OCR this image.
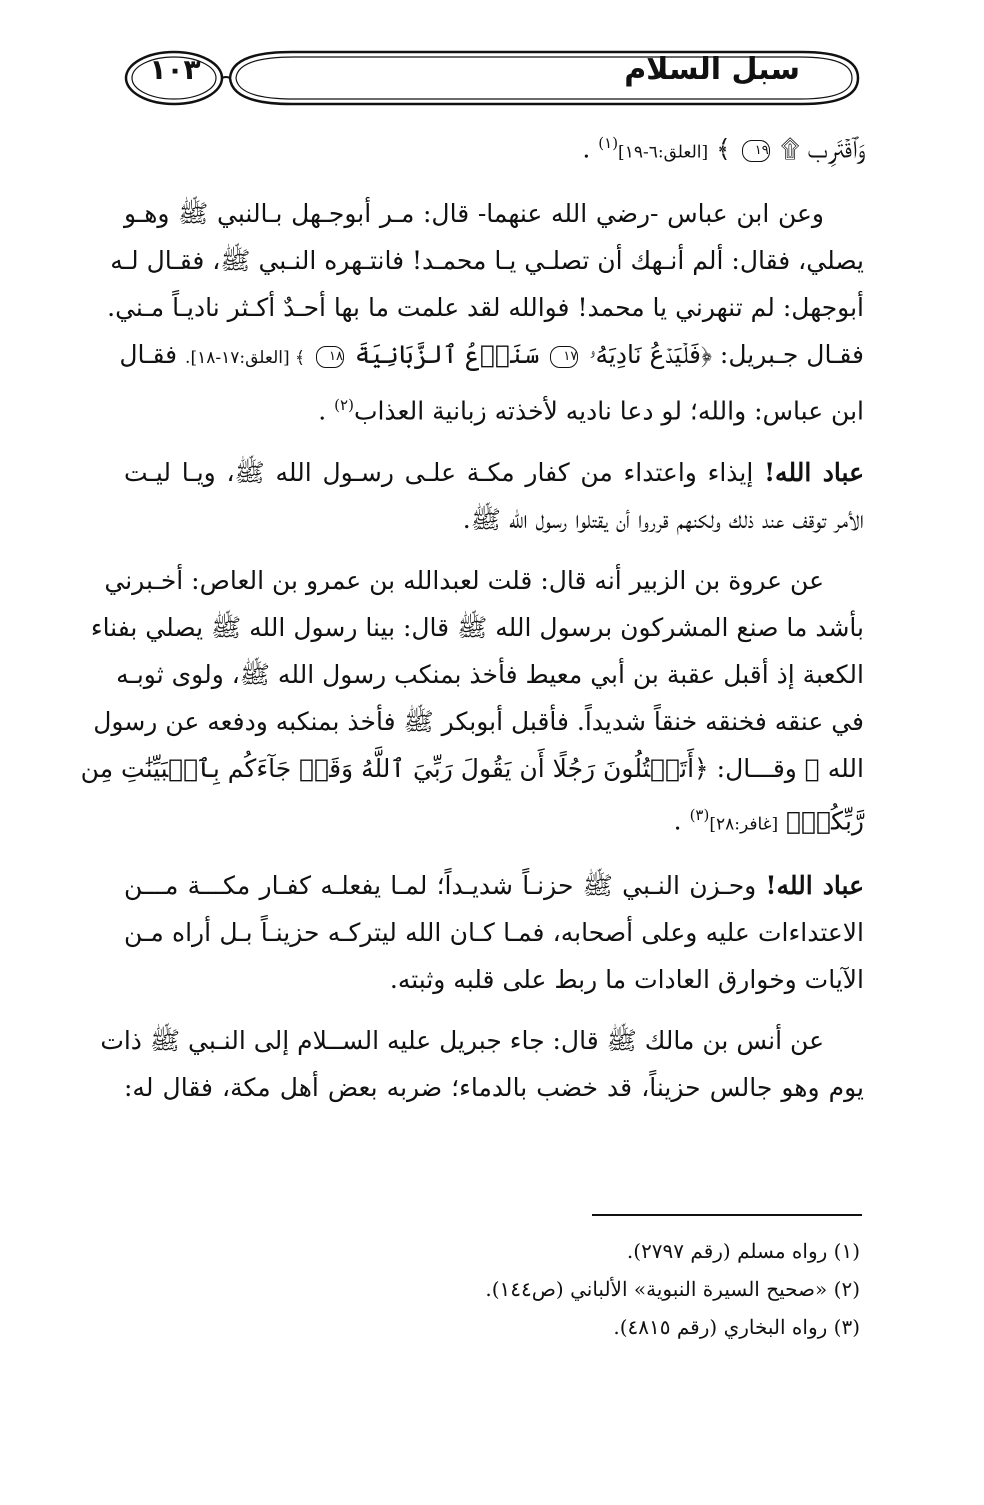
سبل السلام
١٠٣

وَٱقۡتَرِب ۩ ١٩ ﴾ [العلق:٦-١٩]$^{(١)}$ .

وعن ابن عباس -رضي الله عنهما- قال: مـر أبوجـهل بـالنبي ﷺ وهـو
يصلي، فقال: ألم أنـهك أن تصلـي يـا محمـد! فانتـهره النـبي ﷺ، فقـال لـه
أبوجهل: لم تنهرني يا محمد! فوالله لقد علمت ما بها أحـدٌ أكـثر ناديـاً مـني.
فقـال جـبريل: ﴿فَلۡيَدۡعُ نَادِيَهُۥ ١٧ سَنَدۡعُ ٱلزَّبَانِيَةَ ١٨ ﴾ [العلق:١٧-١٨]. فقـال
ابن عباس: والله؛ لو دعا ناديه لأخذته زبانية العذاب$^{(٢)}$ .

عباد الله! إيذاء واعتداء من كفار مكـة علـى رسـول الله ﷺ، ويـا ليـت
الأمر توقف عند ذلك ولكنهم قرروا أن يقتلوا رسول الله ﷺ.

عن عروة بن الزبير أنه قال: قلت لعبدالله بن عمرو بن العاص: أخـبرني
بأشد ما صنع المشركون برسول الله ﷺ قال: بينا رسول الله ﷺ يصلي بفناء
الكعبة إذ أقبل عقبة بن أبي معيط فأخذ بمنكب رسول الله ﷺ، ولوى ثوبـه
في عنقه فخنقه خنقاً شديداً. فأقبل أبوبكر ﷺ فأخذ بمنكبه ودفعه عن رسول
الله ﷺ وقـــال: ﴿أَتَقۡتُلُونَ رَجُلًا أَن يَقُولَ رَبِّيَ ٱللَّهُ وَقَدۡ جَآءَكُم بِٱلۡبَيِّنَٰتِ مِن
رَّبِّكُمۡ﴾ [غافر:٢٨]$^{(٣)}$ .

عباد الله! وحـزن النـبي ﷺ حزنـاً شديـداً؛ لمـا يفعلـه كفـار مكـــة مـــن
الاعتداءات عليه وعلى أصحابه، فمـا كـان الله ليتركـه حزينـاً بـل أراه مـن
الآيات وخوارق العادات ما ربط على قلبه وثبته.

عن أنس بن مالك ﷺ قال: جاء جبريل عليه الســلام إلى النـبي ﷺ ذات
يوم وهو جالس حزيناً، قد خضب بالدماء؛ ضربه بعض أهل مكة، فقال له:

(١) رواه مسلم (رقم ٢٧٩٧).
(٢) «صحيح السيرة النبوية» الألباني (ص١٤٤).
(٣) رواه البخاري (رقم ٤٨١٥).
